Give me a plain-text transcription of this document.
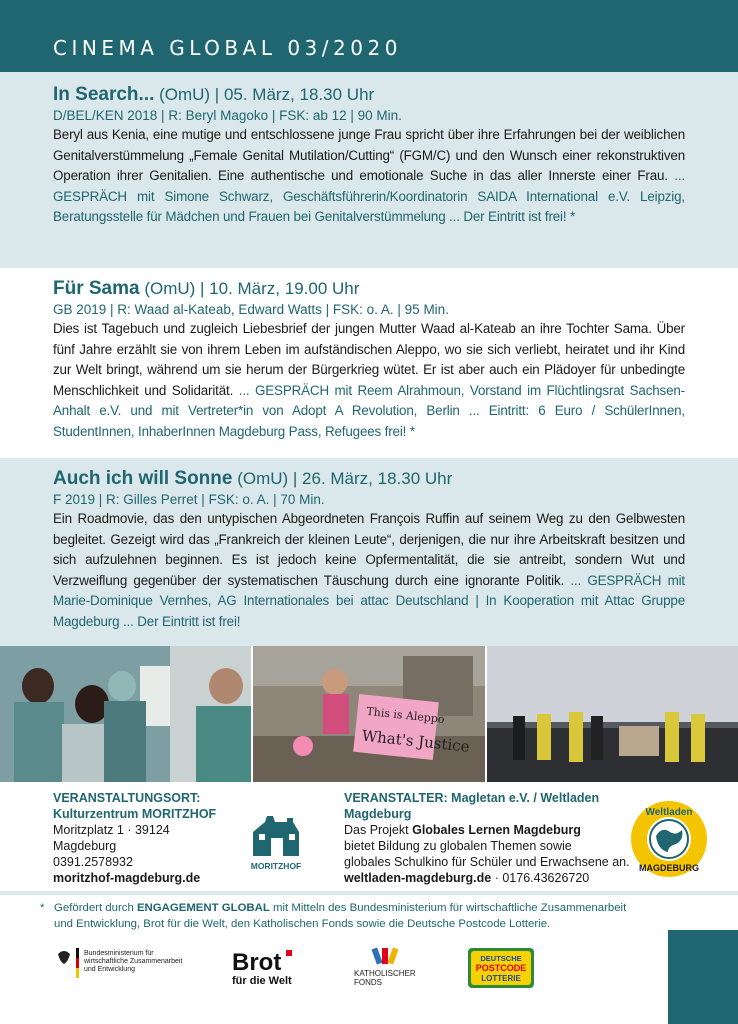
CINEMA GLOBAL 03/2020
In Search... (OmU) | 05. März, 18.30 Uhr
D/BEL/KEN 2018 | R: Beryl Magoko | FSK: ab 12 | 90 Min.
Beryl aus Kenia, eine mutige und entschlossene junge Frau spricht über ihre Erfahrungen bei der weiblichen Genitalverstümmelung „Female Genital Mutilation/Cutting“ (FGM/C) und den Wunsch einer rekonstruktiven Operation ihrer Genitalien. Eine authentische und emotionale Suche in das aller Innerste einer Frau. ... GESPRÄCH mit Simone Schwarz, Geschäftsführerin/Koordinatorin SAIDA International e.V. Leipzig, Beratungsstelle für Mädchen und Frauen bei Genitalverstümmelung ... Der Eintritt ist frei! *
Für Sama (OmU) | 10. März, 19.00 Uhr
GB 2019 | R: Waad al-Kateab, Edward Watts | FSK: o. A. | 95 Min.
Dies ist Tagebuch und zugleich Liebesbrief der jungen Mutter Waad al-Kateab an ihre Tochter Sama. Über fünf Jahre erzählt sie von ihrem Leben im aufständischen Aleppo, wo sie sich verliebt, heiratet und ihr Kind zur Welt bringt, während um sie herum der Bürgerkrieg wütet. Er ist aber auch ein Plädoyer für unbedingte Menschlichkeit und Solidarität. ... GESPRÄCH mit Reem Alrahmoun, Vorstand im Flüchtlingsrat Sachsen-Anhalt e.V. und mit Vertreter*in von Adopt A Revolution, Berlin ... Eintritt: 6 Euro / SchülerInnen, StudentInnen, InhaberInnen Magdeburg Pass, Refugees frei! *
Auch ich will Sonne (OmU) | 26. März, 18.30 Uhr
F 2019 | R: Gilles Perret | FSK: o. A. | 70 Min.
Ein Roadmovie, das den untypischen Abgeordneten François Ruffin auf seinem Weg zu den Gelbwesten begleitet. Gezeigt wird das „Frankreich der kleinen Leute“, derjenigen, die nur ihre Arbeitskraft besitzen und sich aufzulehnen beginnen. Es ist jedoch keine Opfermentalität, die sie antreibt, sondern Wut und Verzweiflung gegenüber der systematischen Täuschung durch eine ignorante Politik. ... GESPRÄCH mit Marie-Dominique Vernhes, AG Internationales bei attac Deutschland | In Kooperation mit Attac Gruppe Magdeburg ... Der Eintritt ist frei!
This is Aleppo
What's Justice
VERANSTALTUNGSORT:
Kulturzentrum MORITZHOF
Moritzplatz 1 · 39124 Magdeburg
0391.2578932
moritzhof-magdeburg.de
MORITZHOF
VERANSTALTER: Magletan e.V. / Weltladen Magdeburg
Das Projekt Globales Lernen Magdeburg
bietet Bildung zu globalen Themen sowie
globales Schulkino für Schüler und Erwachsene an.
weltladen-magdeburg.de · 0176.43626720
Weltladen
MAGDEBURG
* Gefördert durch ENGAGEMENT GLOBAL mit Mitteln des Bundesministerium für wirtschaftliche Zusammenarbeit und Entwicklung, Brot für die Welt, den Katholischen Fonds sowie die Deutsche Postcode Lotterie.
Bundesministerium für
wirtschaftliche Zusammenarbeit
und Entwicklung	Brot
für die Welt
KATHOLISCHER
FONDS
DEUTSCHE
POSTCODE
LOTTERIE
